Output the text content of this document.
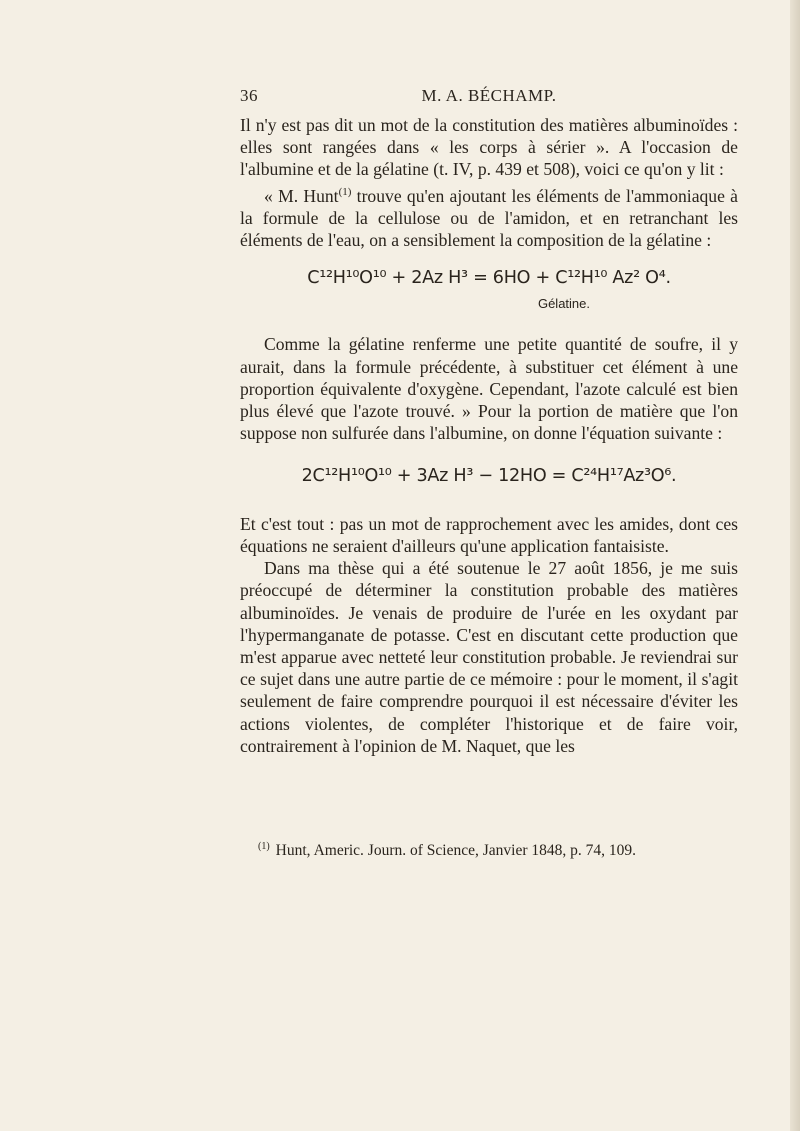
36	M. A. BÉCHAMP.

Il n'y est pas dit un mot de la constitution des matières albuminoïdes : elles sont rangées dans « les corps à sérier ». A l'occasion de l'albumine et de la gélatine (t. IV, p. 439 et 508), voici ce qu'on y lit :

« M. Hunt$^{(1)}$ trouve qu'en ajoutant les éléments de l'ammoniaque à la formule de la cellulose ou de l'amidon, et en retranchant les éléments de l'eau, on a sensiblement la composition de la gélatine :

C¹²H¹⁰O¹⁰ + 2Az H³ = 6HO + C¹²H¹⁰ Az² O⁴.
Gélatine.

Comme la gélatine renferme une petite quantité de soufre, il y aurait, dans la formule précédente, à substituer cet élément à une proportion équivalente d'oxygène. Cependant, l'azote calculé est bien plus élevé que l'azote trouvé. » Pour la portion de matière que l'on suppose non sulfurée dans l'albumine, on donne l'équation suivante :

2C¹²H¹⁰O¹⁰ + 3Az H³ − 12HO = C²⁴H¹⁷Az³O⁶.

Et c'est tout : pas un mot de rapprochement avec les amides, dont ces équations ne seraient d'ailleurs qu'une application fantaisiste.

Dans ma thèse qui a été soutenue le 27 août 1856, je me suis préoccupé de déterminer la constitution probable des matières albuminoïdes. Je venais de produire de l'urée en les oxydant par l'hypermanganate de potasse. C'est en discutant cette production que m'est apparue avec netteté leur constitution probable. Je reviendrai sur ce sujet dans une autre partie de ce mémoire : pour le moment, il s'agit seulement de faire comprendre pourquoi il est nécessaire d'éviter les actions violentes, de compléter l'historique et de faire voir, contrairement à l'opinion de M. Naquet, que les

$^{(1)}$ Hunt, Americ. Journ. of Science, Janvier 1848, p. 74, 109.
